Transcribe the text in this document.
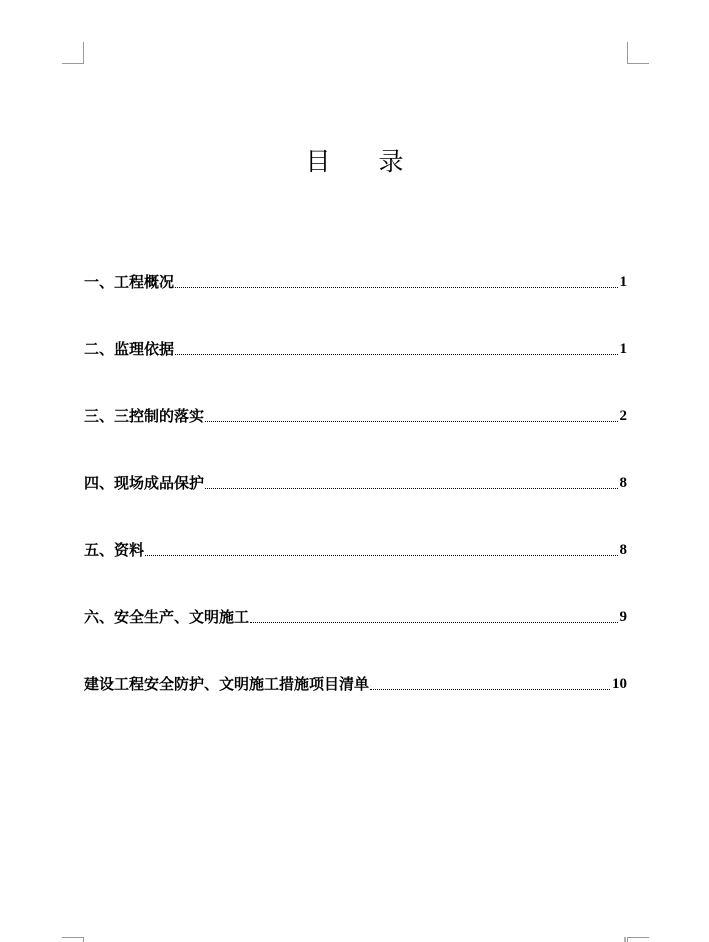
目 录
一、工程概况	1
二、监理依据	1
三、三控制的落实	2
四、现场成品保护	8
五、资料	8
六、安全生产、文明施工	9
建设工程安全防护、文明施工措施项目清单	10
